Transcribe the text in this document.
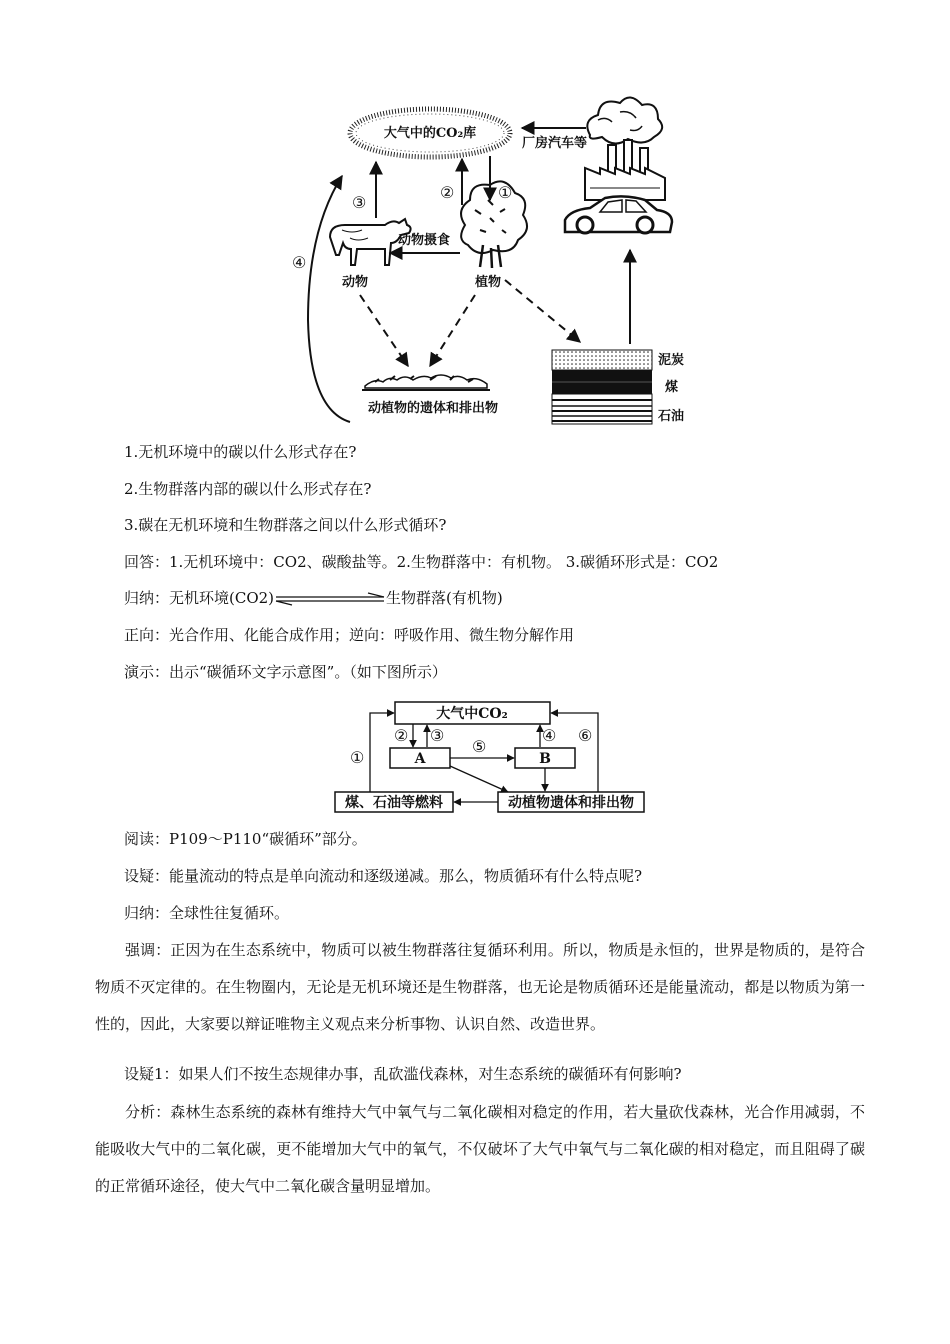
大气中的CO₂库
厂房汽车等
动物	植物
动物摄食
③
②	①
④
动植物的遗体和排出物
泥炭
煤
石油
1.无机环境中的碳以什么形式存在?
2.生物群落内部的碳以什么形式存在?
3.碳在无机环境和生物群落之间以什么形式循环?
回答：1.无机环境中：CO2、碳酸盐等。2.生物群落中：有机物。 3.碳循环形式是：CO2
归纳：无机环境(CO2)	生物群落(有机物)
正向：光合作用、化能合成作用；逆向：呼吸作用、微生物分解作用
演示：出示“碳循环文字示意图”。（如下图所示）
大气中CO₂
A	B
煤、石油等燃料	动植物遗体和排出物
①
② ③
⑤
④ ⑥
阅读：P109～P110“碳循环”部分。
设疑：能量流动的特点是单向流动和逐级递减。那么，物质循环有什么特点呢?
归纳：全球性往复循环。

强调：正因为在生态系统中，物质可以被生物群落往复循环利用。所以，物质是永恒的，世界是物质的，是符合物质不灭定律的。在生物圈内，无论是无机环境还是生物群落，也无论是物质循环还是能量流动，都是以物质为第一性的，因此，大家要以辩证唯物主义观点来分析事物、认识自然、改造世界。

设疑1：如果人们不按生态规律办事，乱砍滥伐森林，对生态系统的碳循环有何影响?

分析：森林生态系统的森林有维持大气中氧气与二氧化碳相对稳定的作用，若大量砍伐森林，光合作用减弱，不能吸收大气中的二氧化碳，更不能增加大气中的氧气，不仅破坏了大气中氧气与二氧化碳的相对稳定，而且阻碍了碳的正常循环途径，使大气中二氧化碳含量明显增加。
